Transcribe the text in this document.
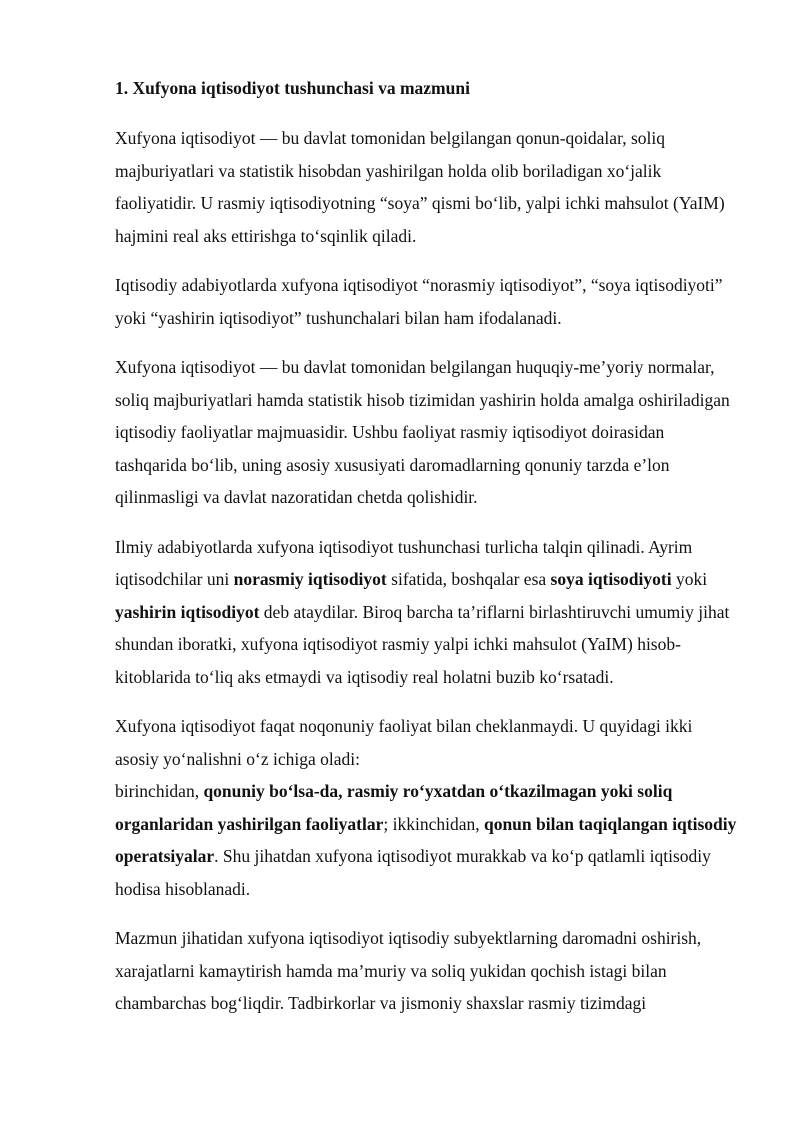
1. Xufyona iqtisodiyot tushunchasi va mazmuni

Xufyona iqtisodiyot — bu davlat tomonidan belgilangan qonun-qoidalar, soliq majburiyatlari va statistik hisobdan yashirilgan holda olib boriladigan xo‘jalik faoliyatidir. U rasmiy iqtisodiyotning “soya” qismi bo‘lib, yalpi ichki mahsulot (YaIM) hajmini real aks ettirishga to‘sqinlik qiladi.

Iqtisodiy adabiyotlarda xufyona iqtisodiyot “norasmiy iqtisodiyot”, “soya iqtisodiyoti” yoki “yashirin iqtisodiyot” tushunchalari bilan ham ifodalanadi.

Xufyona iqtisodiyot — bu davlat tomonidan belgilangan huquqiy-me’yoriy normalar, soliq majburiyatlari hamda statistik hisob tizimidan yashirin holda amalga oshiriladigan iqtisodiy faoliyatlar majmuasidir. Ushbu faoliyat rasmiy iqtisodiyot doirasidan tashqarida bo‘lib, uning asosiy xususiyati daromadlarning qonuniy tarzda e’lon qilinmasligi va davlat nazoratidan chetda qolishidir.

Ilmiy adabiyotlarda xufyona iqtisodiyot tushunchasi turlicha talqin qilinadi. Ayrim iqtisodchilar uni norasmiy iqtisodiyot sifatida, boshqalar esa soya iqtisodiyoti yoki yashirin iqtisodiyot deb ataydilar. Biroq barcha ta’riflarni birlashtiruvchi umumiy jihat shundan iboratki, xufyona iqtisodiyot rasmiy yalpi ichki mahsulot (YaIM) hisob-kitoblarida to‘liq aks etmaydi va iqtisodiy real holatni buzib ko‘rsatadi.

Xufyona iqtisodiyot faqat noqonuniy faoliyat bilan cheklanmaydi. U quyidagi ikki asosiy yo‘nalishni o‘z ichiga oladi:
birinchidan, qonuniy bo‘lsa-da, rasmiy ro‘yxatdan o‘tkazilmagan yoki soliq organlaridan yashirilgan faoliyatlar; ikkinchidan, qonun bilan taqiqlangan iqtisodiy operatsiyalar. Shu jihatdan xufyona iqtisodiyot murakkab va ko‘p qatlamli iqtisodiy hodisa hisoblanadi.

Mazmun jihatidan xufyona iqtisodiyot iqtisodiy subyektlarning daromadni oshirish, xarajatlarni kamaytirish hamda ma’muriy va soliq yukidan qochish istagi bilan chambarchas bog‘liqdir. Tadbirkorlar va jismoniy shaxslar rasmiy tizimdagi
